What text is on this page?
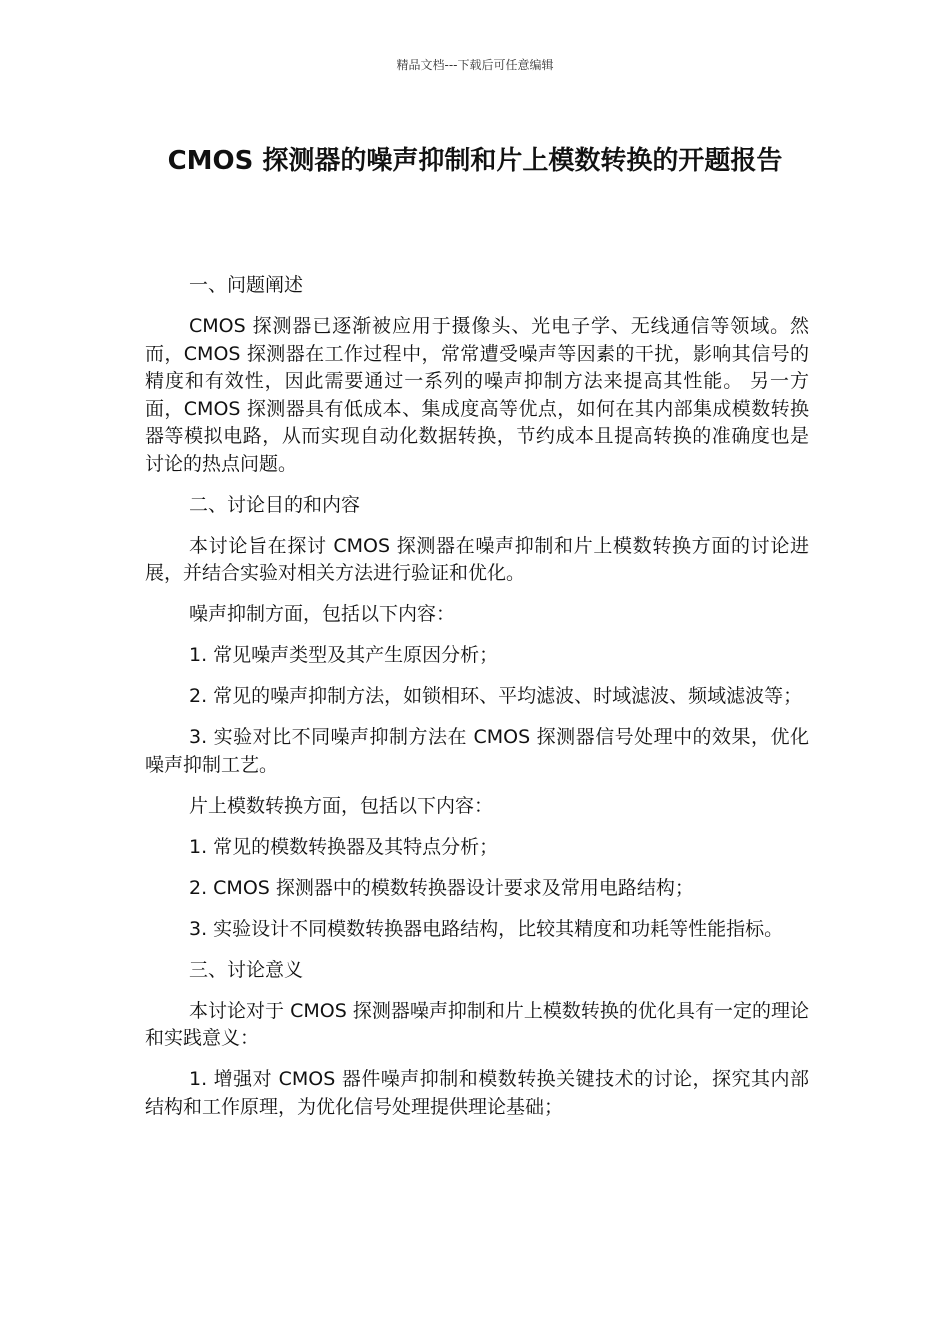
精品文档---下载后可任意编辑
CMOS 探测器的噪声抑制和片上模数转换的开题报告

一、问题阐述

CMOS 探测器已逐渐被应用于摄像头、光电子学、无线通信等领域。然而，CMOS 探测器在工作过程中，常常遭受噪声等因素的干扰，影响其信号的精度和有效性，因此需要通过一系列的噪声抑制方法来提高其性能。 另一方面，CMOS 探测器具有低成本、集成度高等优点，如何在其内部集成模数转换器等模拟电路，从而实现自动化数据转换，节约成本且提高转换的准确度也是讨论的热点问题。

二、讨论目的和内容

本讨论旨在探讨 CMOS 探测器在噪声抑制和片上模数转换方面的讨论进展，并结合实验对相关方法进行验证和优化。

噪声抑制方面，包括以下内容：

1. 常见噪声类型及其产生原因分析；

2. 常见的噪声抑制方法，如锁相环、平均滤波、时域滤波、频域滤波等；

3. 实验对比不同噪声抑制方法在 CMOS 探测器信号处理中的效果，优化噪声抑制工艺。

片上模数转换方面，包括以下内容：

1. 常见的模数转换器及其特点分析；

2. CMOS 探测器中的模数转换器设计要求及常用电路结构；

3. 实验设计不同模数转换器电路结构，比较其精度和功耗等性能指标。

三、讨论意义

本讨论对于 CMOS 探测器噪声抑制和片上模数转换的优化具有一定的理论和实践意义：

1. 增强对 CMOS 器件噪声抑制和模数转换关键技术的讨论，探究其内部结构和工作原理，为优化信号处理提供理论基础；
